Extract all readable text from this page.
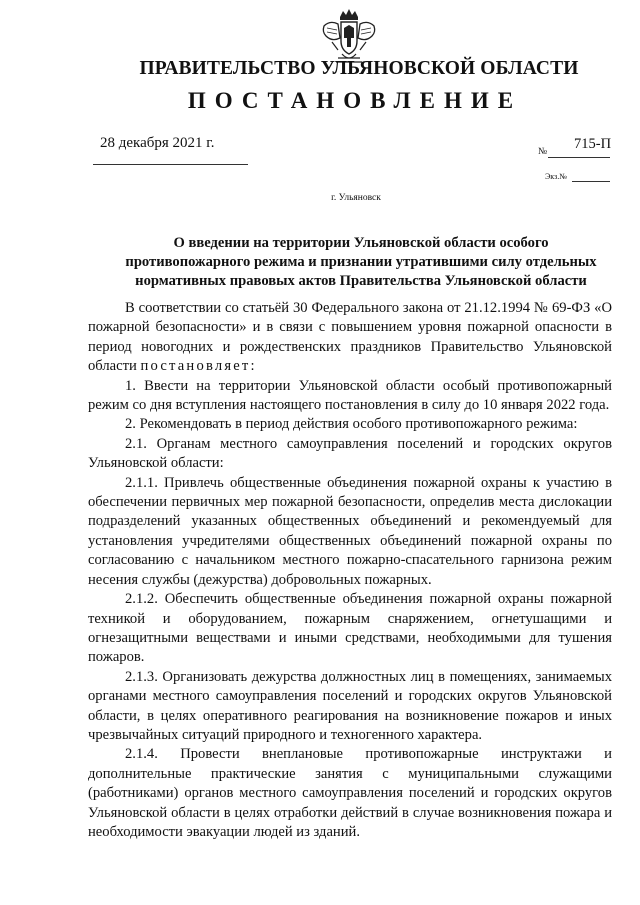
ПРАВИТЕЛЬСТВО УЛЬЯНОВСКОЙ ОБЛАСТИ
ПОСТАНОВЛЕНИЕ
28 декабря 2021 г.
№ 715-П
Экз.№
г. Ульяновск
О введении на территории Ульяновской области особого
противопожарного режима и признании утратившими силу отдельных
нормативных правовых актов Правительства Ульяновской области

В соответствии со статьёй 30 Федерального закона от 21.12.1994 № 69-ФЗ «О пожарной безопасности» и в связи с повышением уровня пожарной опасности в период новогодних и рождественских праздников Правительство Ульяновской области постановляет:

1. Ввести на территории Ульяновской области особый противопожарный режим со дня вступления настоящего постановления в силу до 10 января 2022 года.

2. Рекомендовать в период действия особого противопожарного режима:

2.1. Органам местного самоуправления поселений и городских округов Ульяновской области:

2.1.1. Привлечь общественные объединения пожарной охраны к участию в обеспечении первичных мер пожарной безопасности, определив места дислокации подразделений указанных общественных объединений и рекомендуемый для установления учредителями общественных объединений пожарной охраны по согласованию с начальником местного пожарно-спасательного гарнизона режим несения службы (дежурства) добровольных пожарных.

2.1.2. Обеспечить общественные объединения пожарной охраны пожарной техникой и оборудованием, пожарным снаряжением, огнетушащими и огнезащитными веществами и иными средствами, необходимыми для тушения пожаров.

2.1.3. Организовать дежурства должностных лиц в помещениях, занимаемых органами местного самоуправления поселений и городских округов Ульяновской области, в целях оперативного реагирования на возникновение пожаров и иных чрезвычайных ситуаций природного и техногенного характера.

2.1.4. Провести внеплановые противопожарные инструктажи и дополнительные практические занятия с муниципальными служащими (работниками) органов местного самоуправления поселений и городских округов Ульяновской области в целях отработки действий в случае возникновения пожара и необходимости эвакуации людей из зданий.
